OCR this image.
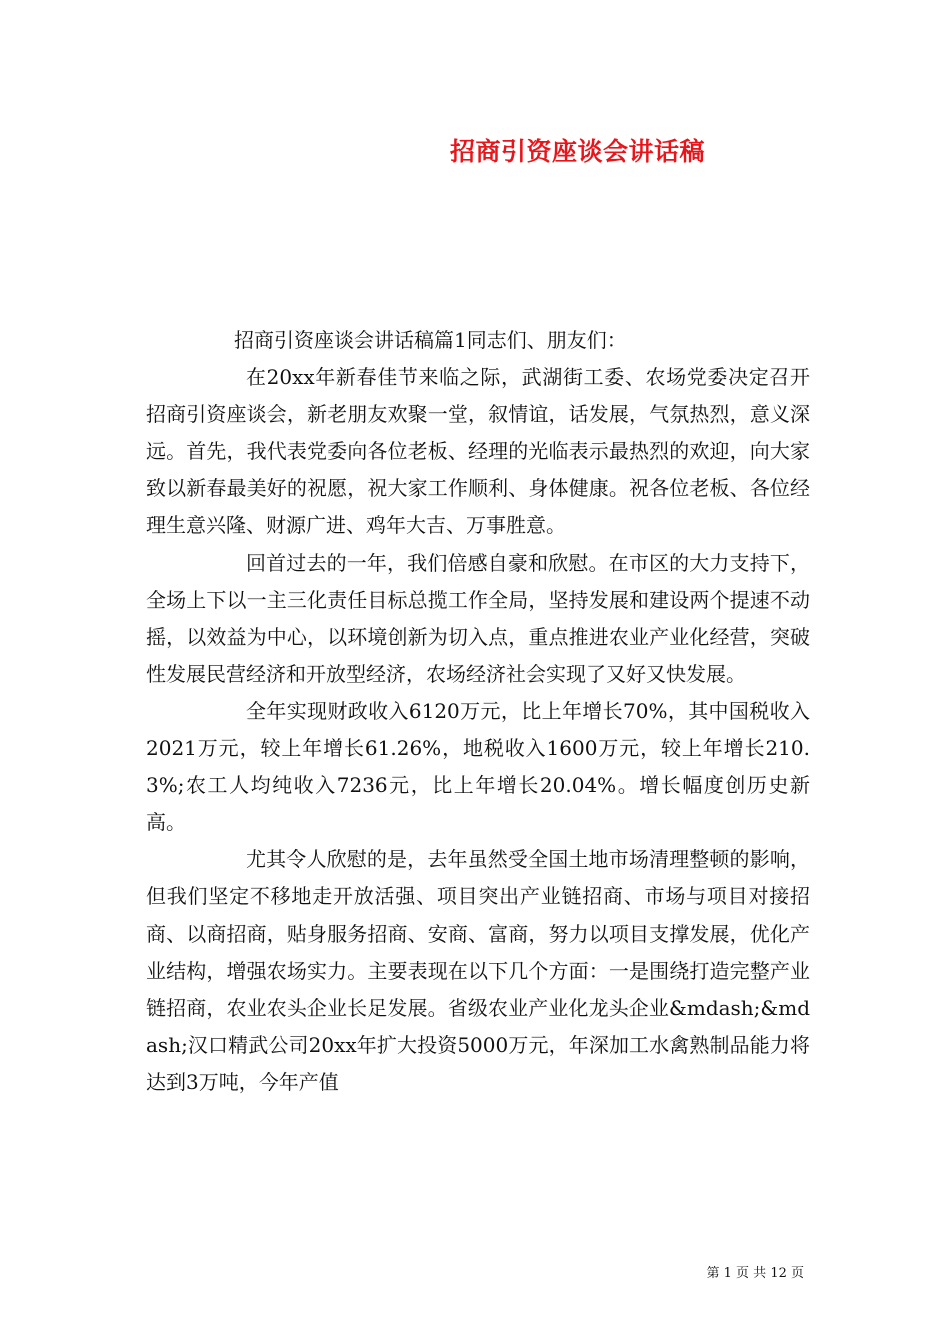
招商引资座谈会讲话稿

招商引资座谈会讲话稿篇1同志们、朋友们：

在20xx年新春佳节来临之际，武湖街工委、农场党委决定召开招商引资座谈会，新老朋友欢聚一堂，叙情谊，话发展，气氛热烈，意义深远。首先，我代表党委向各位老板、经理的光临表示最热烈的欢迎，向大家致以新春最美好的祝愿，祝大家工作顺利、身体健康。祝各位老板、各位经理生意兴隆、财源广进、鸡年大吉、万事胜意。

回首过去的一年，我们倍感自豪和欣慰。在市区的大力支持下，全场上下以一主三化责任目标总揽工作全局，坚持发展和建设两个提速不动摇，以效益为中心，以环境创新为切入点，重点推进农业产业化经营，突破性发展民营经济和开放型经济，农场经济社会实现了又好又快发展。

全年实现财政收入6120万元，比上年增长70%，其中国税收入2021万元，较上年增长61.26%，地税收入1600万元，较上年增长210.3%;农工人均纯收入7236元，比上年增长20.04%。增长幅度创历史新高。

尤其令人欣慰的是，去年虽然受全国土地市场清理整顿的影响，但我们坚定不移地走开放活强、项目突出产业链招商、市场与项目对接招商、以商招商，贴身服务招商、安商、富商，努力以项目支撑发展，优化产业结构，增强农场实力。主要表现在以下几个方面：一是围绕打造完整产业链招商，农业农头企业长足发展。省级农业产业化龙头企业&mdash;&mdash;汉口精武公司20xx年扩大投资5000万元，年深加工水禽熟制品能力将达到3万吨，今年产值

第 1 页 共 12 页
